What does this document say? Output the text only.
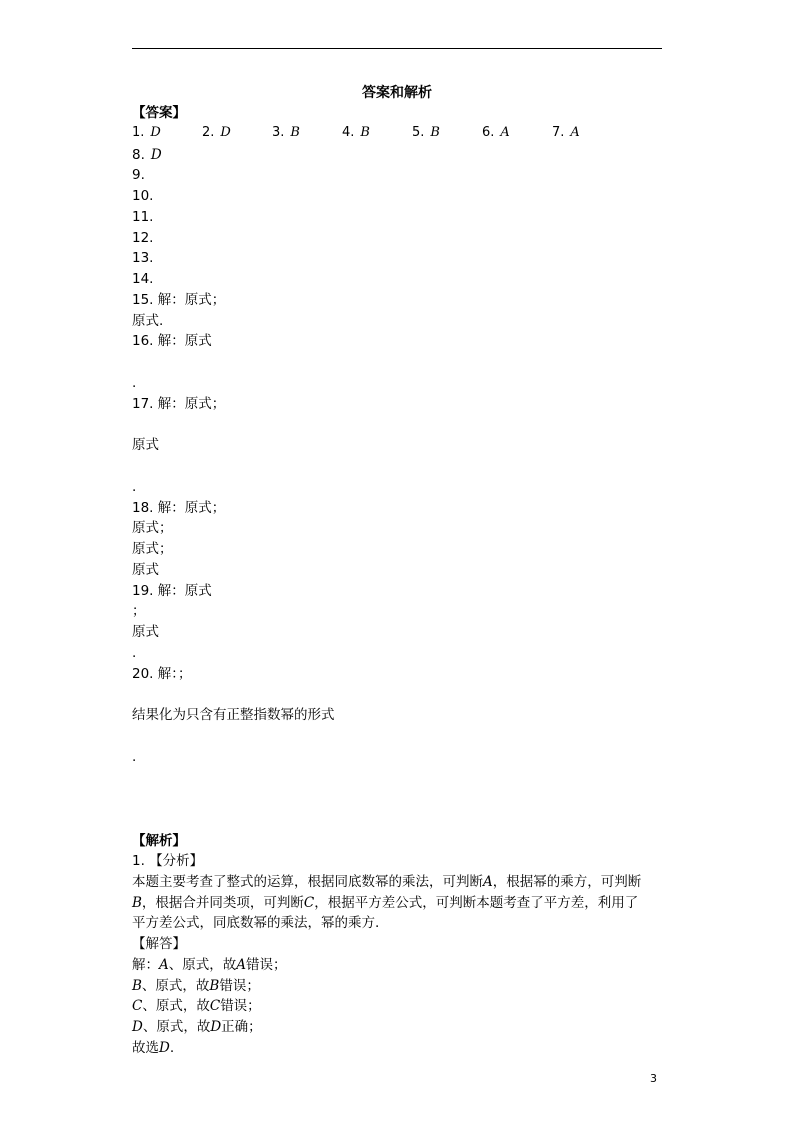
答案和解析
【答案】
1. D	2. D	3. B	4. B	5. B	6. A	7. A
8. D
9.
10.
11.
12.
13.
14.
15. 解：原式；
原式.
16. 解：原式
.
17. 解：原式；
原式
.
18. 解：原式；
原式；
原式；
原式
19. 解：原式
；
原式
.
20. 解：；
结果化为只含有正整指数幂的形式
.
【解析】
1. 【分析】
本题主要考查了整式的运算，根据同底数幂的乘法，可判断A，根据幂的乘方，可判断
B，根据合并同类项，可判断C，根据平方差公式，可判断本题考查了平方差，利用了
平方差公式，同底数幂的乘法，幂的乘方.
【解答】
解：A、原式，故A错误；
B、原式，故B错误；
C、原式，故C错误；
D、原式，故D正确；
故选D.
3
